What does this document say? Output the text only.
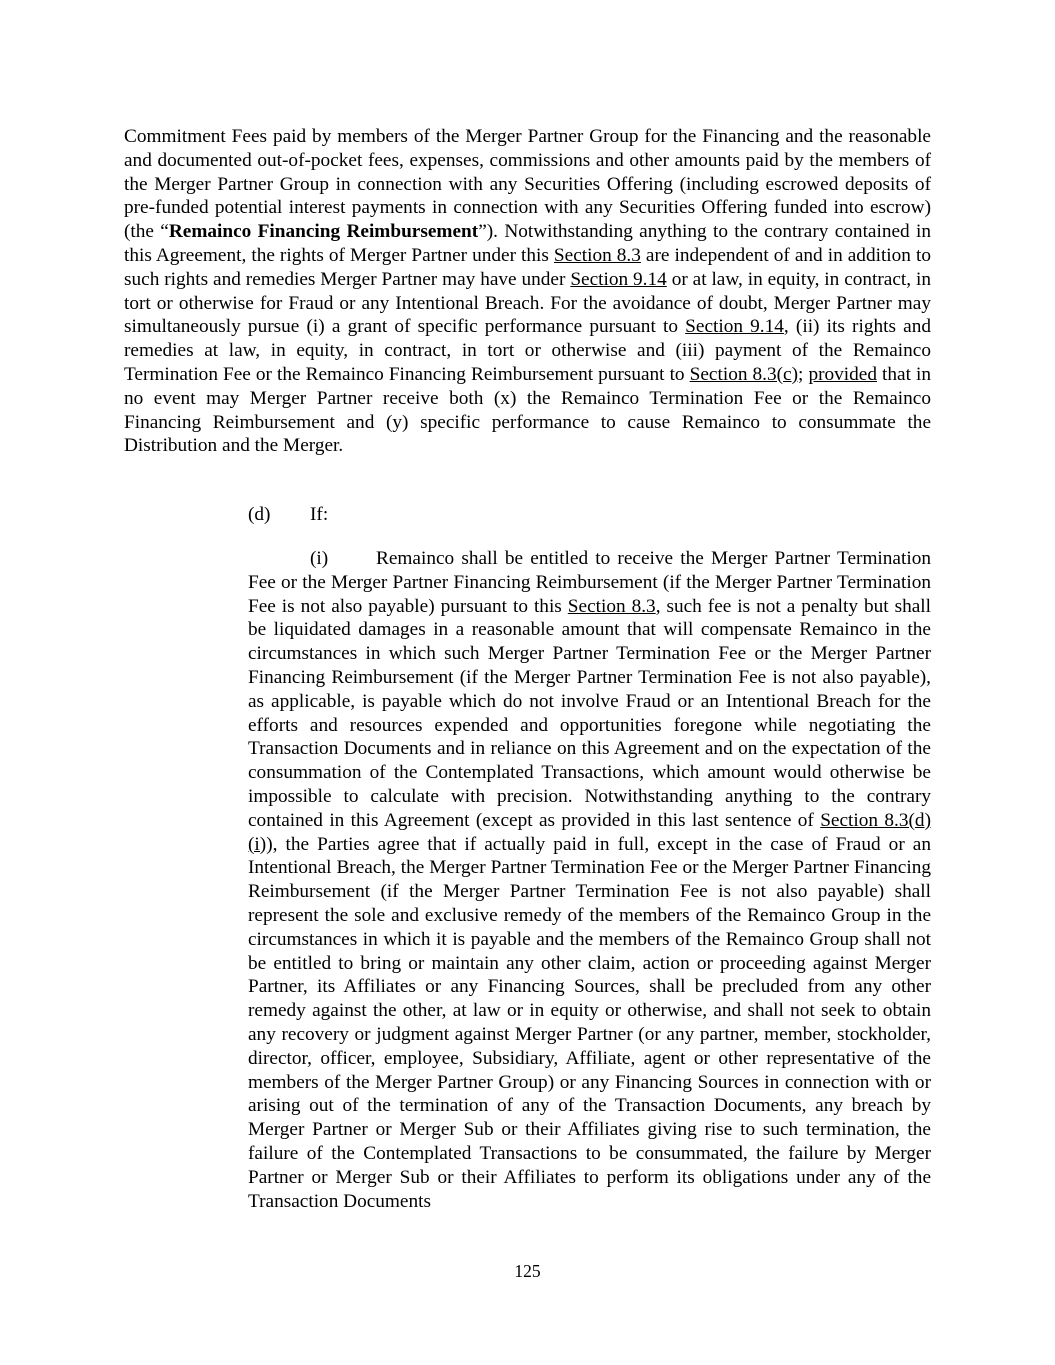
Commitment Fees paid by members of the Merger Partner Group for the Financing and the reasonable and documented out-of-pocket fees, expenses, commissions and other amounts paid by the members of the Merger Partner Group in connection with any Securities Offering (including escrowed deposits of pre-funded potential interest payments in connection with any Securities Offering funded into escrow) (the “Remainco Financing Reimbursement”). Notwithstanding anything to the contrary contained in this Agreement, the rights of Merger Partner under this Section 8.3 are independent of and in addition to such rights and remedies Merger Partner may have under Section 9.14 or at law, in equity, in contract, in tort or otherwise for Fraud or any Intentional Breach. For the avoidance of doubt, Merger Partner may simultaneously pursue (i) a grant of specific performance pursuant to Section 9.14, (ii) its rights and remedies at law, in equity, in contract, in tort or otherwise and (iii) payment of the Remainco Termination Fee or the Remainco Financing Reimbursement pursuant to Section 8.3(c); provided that in no event may Merger Partner receive both (x) the Remainco Termination Fee or the Remainco Financing Reimbursement and (y) specific performance to cause Remainco to consummate the Distribution and the Merger.

(d) If:

(i) Remainco shall be entitled to receive the Merger Partner Termination Fee or the Merger Partner Financing Reimbursement (if the Merger Partner Termination Fee is not also payable) pursuant to this Section 8.3, such fee is not a penalty but shall be liquidated damages in a reasonable amount that will compensate Remainco in the circumstances in which such Merger Partner Termination Fee or the Merger Partner Financing Reimbursement (if the Merger Partner Termination Fee is not also payable), as applicable, is payable which do not involve Fraud or an Intentional Breach for the efforts and resources expended and opportunities foregone while negotiating the Transaction Documents and in reliance on this Agreement and on the expectation of the consummation of the Contemplated Transactions, which amount would otherwise be impossible to calculate with precision. Notwithstanding anything to the contrary contained in this Agreement (except as provided in this last sentence of Section 8.3(d)(i)), the Parties agree that if actually paid in full, except in the case of Fraud or an Intentional Breach, the Merger Partner Termination Fee or the Merger Partner Financing Reimbursement (if the Merger Partner Termination Fee is not also payable) shall represent the sole and exclusive remedy of the members of the Remainco Group in the circumstances in which it is payable and the members of the Remainco Group shall not be entitled to bring or maintain any other claim, action or proceeding against Merger Partner, its Affiliates or any Financing Sources, shall be precluded from any other remedy against the other, at law or in equity or otherwise, and shall not seek to obtain any recovery or judgment against Merger Partner (or any partner, member, stockholder, director, officer, employee, Subsidiary, Affiliate, agent or other representative of the members of the Merger Partner Group) or any Financing Sources in connection with or arising out of the termination of any of the Transaction Documents, any breach by Merger Partner or Merger Sub or their Affiliates giving rise to such termination, the failure of the Contemplated Transactions to be consummated, the failure by Merger Partner or Merger Sub or their Affiliates to perform its obligations under any of the Transaction Documents

125
